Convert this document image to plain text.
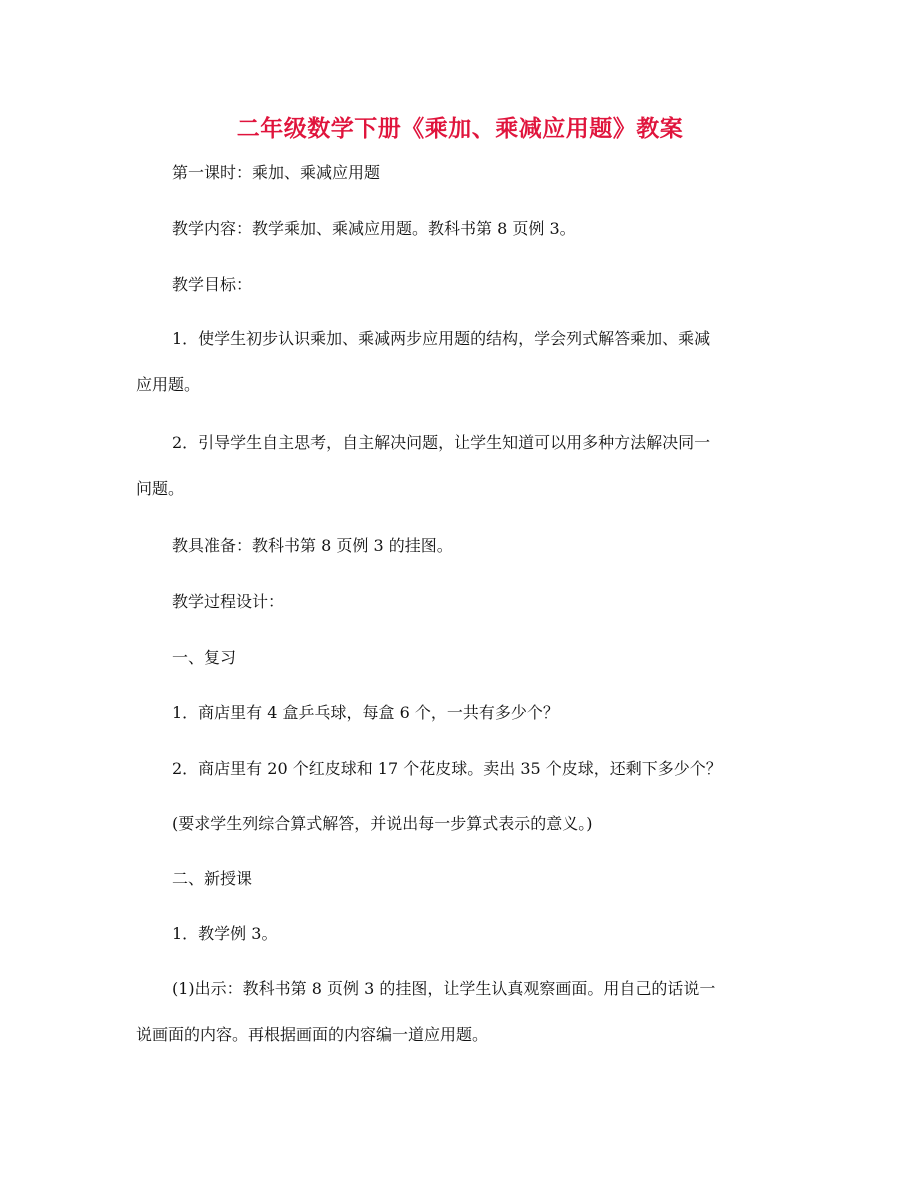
二年级数学下册《乘加、乘减应用题》教案
第一课时：乘加、乘减应用题
教学内容：教学乘加、乘减应用题。教科书第 8 页例 3。
教学目标：
1．使学生初步认识乘加、乘减两步应用题的结构，学会列式解答乘加、乘减
应用题。
2．引导学生自主思考，自主解决问题，让学生知道可以用多种方法解决同一
问题。
教具准备：教科书第 8 页例 3 的挂图。
教学过程设计：
一、复习
1．商店里有 4 盒乒乓球，每盒 6 个，一共有多少个？
2．商店里有 20 个红皮球和 17 个花皮球。卖出 35 个皮球，还剩下多少个？
(要求学生列综合算式解答，并说出每一步算式表示的意义。)
二、新授课
1．教学例 3。
(1)出示：教科书第 8 页例 3 的挂图，让学生认真观察画面。用自己的话说一
说画面的内容。再根据画面的内容编一道应用题。
